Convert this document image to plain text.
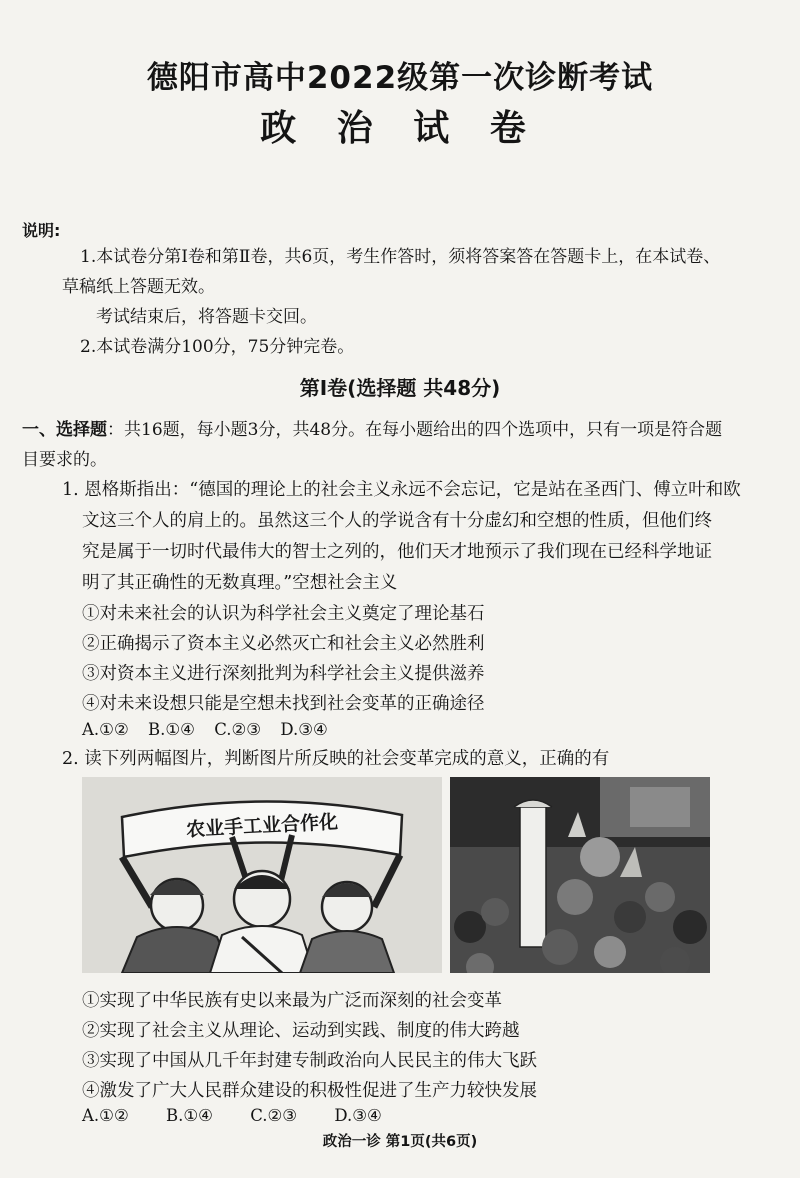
德阳市高中2022级第一次诊断考试
政 治 试 卷
说明:
1.本试卷分第Ⅰ卷和第Ⅱ卷，共6页，考生作答时，须将答案答在答题卡上，在本试卷、
草稿纸上答题无效。
考试结束后，将答题卡交回。
2.本试卷满分100分，75分钟完卷。
第Ⅰ卷(选择题 共48分)
一、选择题：共16题，每小题3分，共48分。在每小题给出的四个选项中，只有一项是符合题
目要求的。
1. 恩格斯指出：“德国的理论上的社会主义永远不会忘记，它是站在圣西门、傅立叶和欧
文这三个人的肩上的。虽然这三个人的学说含有十分虚幻和空想的性质，但他们终
究是属于一切时代最伟大的智士之列的，他们天才地预示了我们现在已经科学地证
明了其正确性的无数真理。”空想社会主义
①对未来社会的认识为科学社会主义奠定了理论基石
②正确揭示了资本主义必然灭亡和社会主义必然胜利
③对资本主义进行深刻批判为科学社会主义提供滋养
④对未来设想只能是空想未找到社会变革的正确途径
A.①② B.①④ C.②③ D.③④
2. 读下列两幅图片，判断图片所反映的社会变革完成的意义，正确的有
农业手工业合作化
①实现了中华民族有史以来最为广泛而深刻的社会变革
②实现了社会主义从理论、运动到实践、制度的伟大跨越
③实现了中国从几千年封建专制政治向人民民主的伟大飞跃
④激发了广大人民群众建设的积极性促进了生产力较快发展
A.①② B.①④ C.②③ D.③④
政治一诊 第1页(共6页)
